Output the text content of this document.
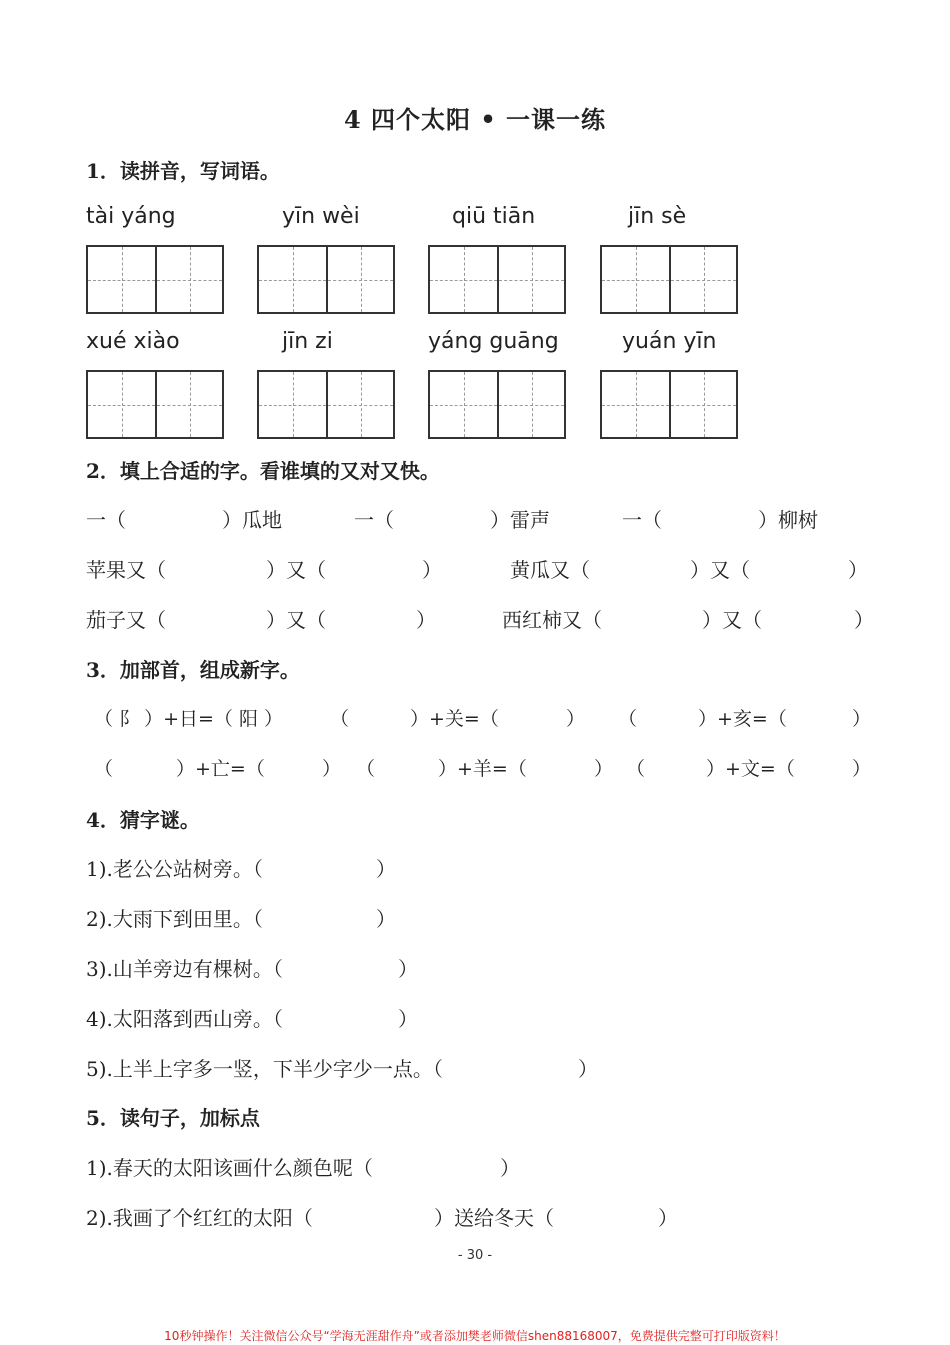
4 四个太阳 • 一课一练
1．读拼音，写词语。
tài yáng	yīn wèi	qiū tiān	jīn sè
xué xiào	jīn zi	yáng guāng	yuán yīn
2．填上合适的字。看谁填的又对又快。
一（	）瓜地	一（	）雷声	一（	）柳树
苹果又（	）又（	）	黄瓜又（	）又（	）
茄子又（	）又（	）	西红柿又（	）又（	）
3．加部首，组成新字。
（ 阝 ）+日=（ 阳 ） （	）+关=（	） （	）+亥=（	）
（	）+亡=（	） （	）+羊=（	） （	）+文=（	）
4．猜字谜。
1).老公公站树旁。（	）
2).大雨下到田里。（	）
3).山羊旁边有棵树。（	）
4).太阳落到西山旁。（	）
5).上半上字多一竖，下半少字少一点。（	）
5．读句子，加标点
1).春天的太阳该画什么颜色呢（	）
2).我画了个红红的太阳（	）送给冬天（	）
- 30 -
10秒钟操作！关注微信公众号“学海无涯甜作舟”或者添加樊老师微信shen88168007，免费提供完整可打印版资料！
